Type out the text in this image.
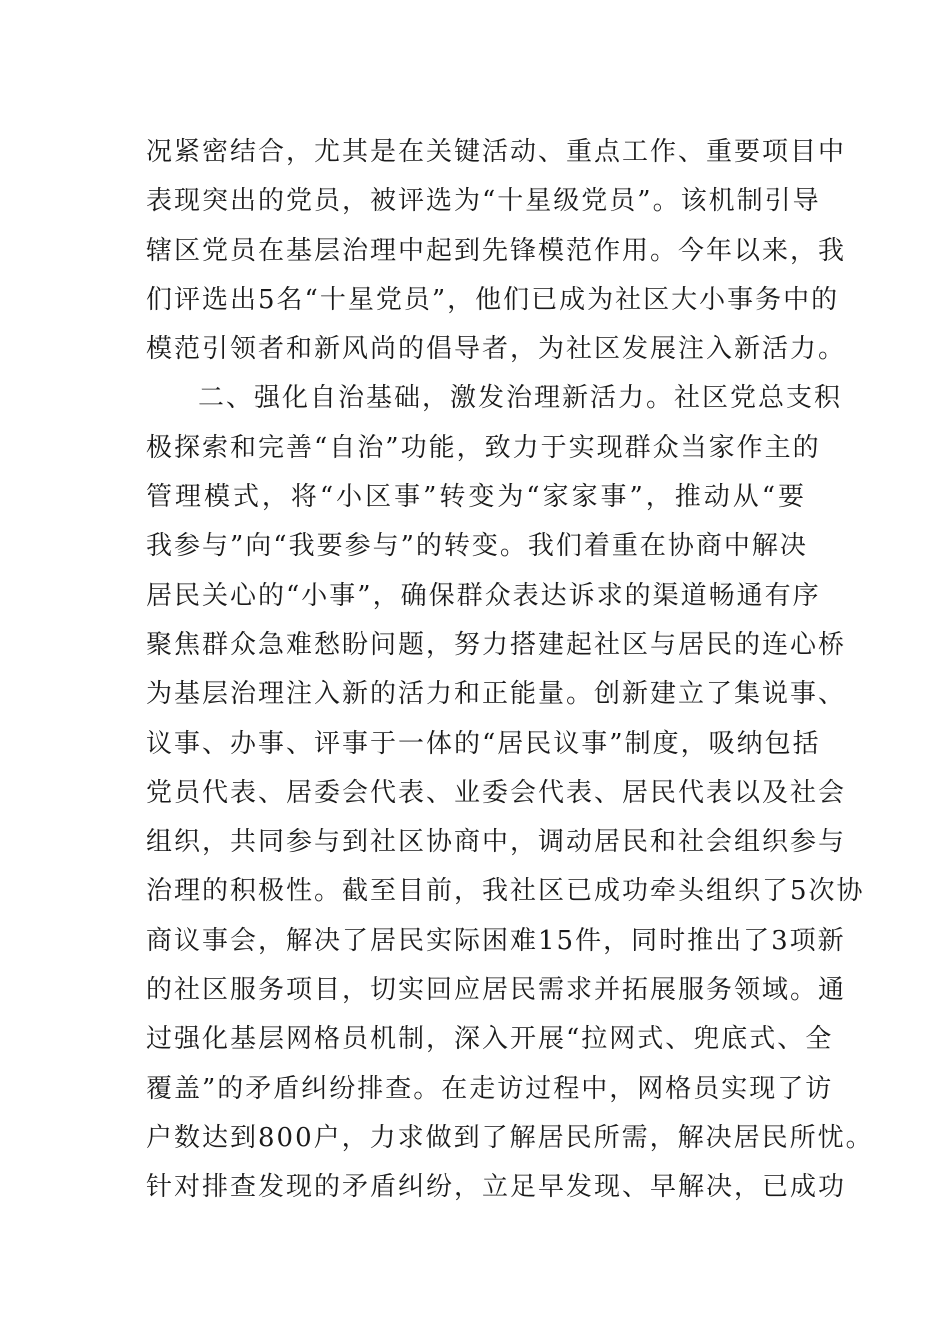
况紧密结合，尤其是在关键活动、重点工作、重要项目中
表现突出的党员，被评选为“十星级党员”。该机制引导
辖区党员在基层治理中起到先锋模范作用。今年以来，我
们评选出5名“十星党员”，他们已成为社区大小事务中的
模范引领者和新风尚的倡导者，为社区发展注入新活力。
二、强化自治基础，激发治理新活力。社区党总支积
极探索和完善“自治”功能，致力于实现群众当家作主的
管理模式，将“小区事”转变为“家家事”，推动从“要
我参与”向“我要参与”的转变。我们着重在协商中解决
居民关心的“小事”，确保群众表达诉求的渠道畅通有序
聚焦群众急难愁盼问题，努力搭建起社区与居民的连心桥
为基层治理注入新的活力和正能量。创新建立了集说事、
议事、办事、评事于一体的“居民议事”制度，吸纳包括
党员代表、居委会代表、业委会代表、居民代表以及社会
组织，共同参与到社区协商中，调动居民和社会组织参与
治理的积极性。截至目前，我社区已成功牵头组织了5次协
商议事会，解决了居民实际困难15件，同时推出了3项新
的社区服务项目，切实回应居民需求并拓展服务领域。通
过强化基层网格员机制，深入开展“拉网式、兜底式、全
覆盖”的矛盾纠纷排查。在走访过程中，网格员实现了访
户数达到800户，力求做到了解居民所需，解决居民所忧。
针对排查发现的矛盾纠纷，立足早发现、早解决，已成功
